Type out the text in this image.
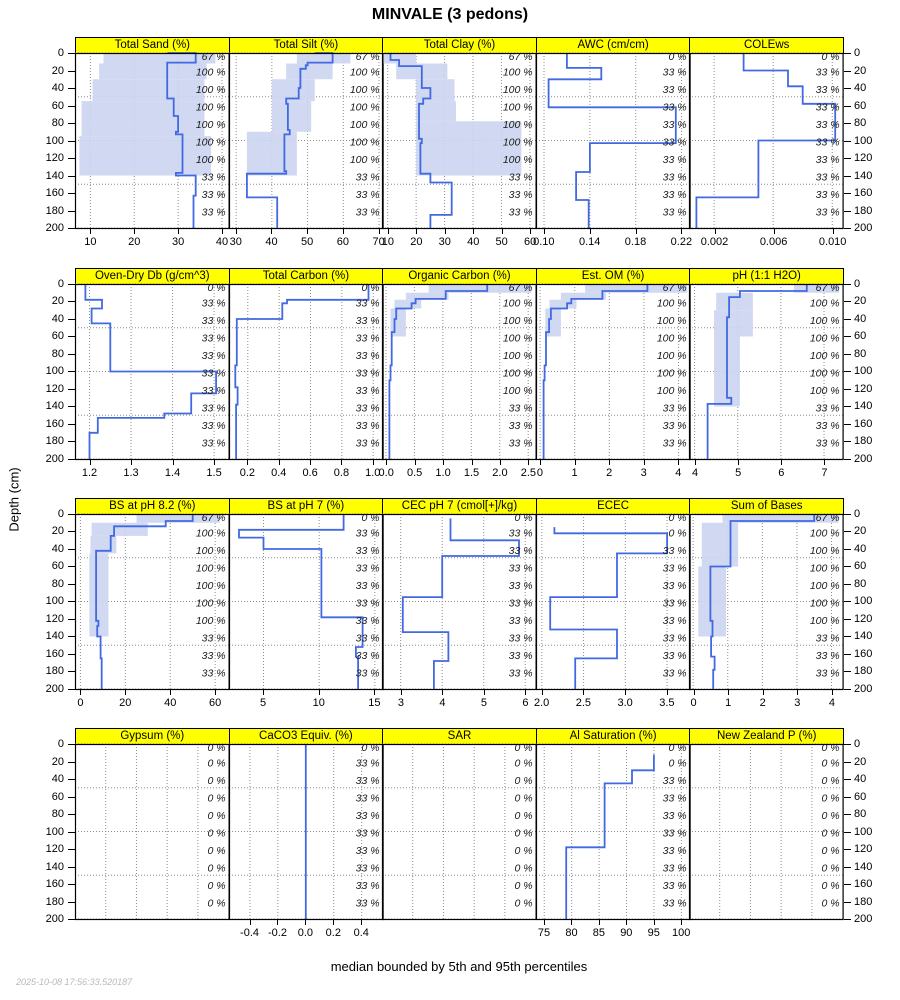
MINVALE (3 pedons)
Depth (cm)
Total Sand (%)
67 %
100 %
100 %
100 %
100 %
100 %
100 %
33 %
33 %
33 %
10	20	30	40
0
20
40
60
80
100
120
140
160
180
200
Total Silt (%)
67 %
100 %
100 %
100 %
100 %
100 %
100 %
33 %
33 %
33 %
30	40	50	60	70
Total Clay (%)
67 %
100 %
100 %
100 %
100 %
100 %
100 %
33 %
33 %
33 %
10	20	30	40	50	60
AWC (cm/cm)
0 %
33 %
33 %
33 %
33 %
33 %
33 %
33 %
33 %
33 %
0.10	0.14	0.18	0.22
COLEws
0 %
33 %
33 %
33 %
33 %
33 %
33 %
33 %
33 %
33 %
0.002	0.006	0.010
0
20
40
60
80
100
120
140
160
180
200
Oven-Dry Db (g/cm^3)
0 %
33 %
33 %
33 %
33 %
33 %
33 %
33 %
33 %
33 %
1.2	1.3	1.4	1.5
0
20
40
60
80
100
120
140
160
180
200
Total Carbon (%)
0 %
33 %
33 %
33 %
33 %
33 %
33 %
33 %
33 %
33 %
0.2	0.4	0.6	0.8	1.0
Organic Carbon (%)
67 %
100 %
100 %
100 %
100 %
100 %
100 %
33 %
33 %
33 %
0.0	0.5	1.0	1.5	2.0	2.5
Est. OM (%)
67 %
100 %
100 %
100 %
100 %
100 %
100 %
33 %
33 %
33 %
0	1	2	3	4
pH (1:1 H2O)
67 %
100 %
100 %
100 %
100 %
100 %
100 %
33 %
33 %
33 %
4	5	6	7
0
20
40
60
80
100
120
140
160
180
200
BS at pH 8.2 (%)
67 %
100 %
100 %
100 %
100 %
100 %
100 %
33 %
33 %
33 %
0	20	40	60
0
20
40
60
80
100
120
140
160
180
200
BS at pH 7 (%)
0 %
33 %
33 %
33 %
33 %
33 %
33 %
33 %
33 %
33 %
5	10	15
CEC pH 7 (cmol[+]/kg)
0 %
33 %
33 %
33 %
33 %
33 %
33 %
33 %
33 %
33 %
3	4	5	6
ECEC
0 %
0 %
33 %
33 %
33 %
33 %
33 %
33 %
33 %
33 %
2.0	2.5	3.0	3.5
Sum of Bases
67 %
100 %
100 %
100 %
100 %
100 %
100 %
33 %
33 %
33 %
0	1	2	3	4
0
20
40
60
80
100
120
140
160
180
200
Gypsum (%)
0 %
0 %
0 %
0 %
0 %
0 %
0 %
0 %
0 %
0 %
0
20
40
60
80
100
120
140
160
180
200
CaCO3 Equiv. (%)
0 %
33 %
33 %
33 %
33 %
33 %
33 %
33 %
33 %
33 %
-0.4 -0.2 0.0	0.2	0.4
SAR
0 %
0 %
0 %
0 %
0 %
0 %
0 %
0 %
0 %
0 %
Al Saturation (%)
0 %
0 %
33 %
33 %
33 %
33 %
33 %
33 %
33 %
33 %
75	80	85	90	95	100
New Zealand P (%)
0 %
0 %
0 %
0 %
0 %
0 %
0 %
0 %
0 %
0 %
0
20
40
60
80
100
120
140
160
180
200
median bounded by 5th and 95th percentiles
2025-10-08 17:56:33.520187
